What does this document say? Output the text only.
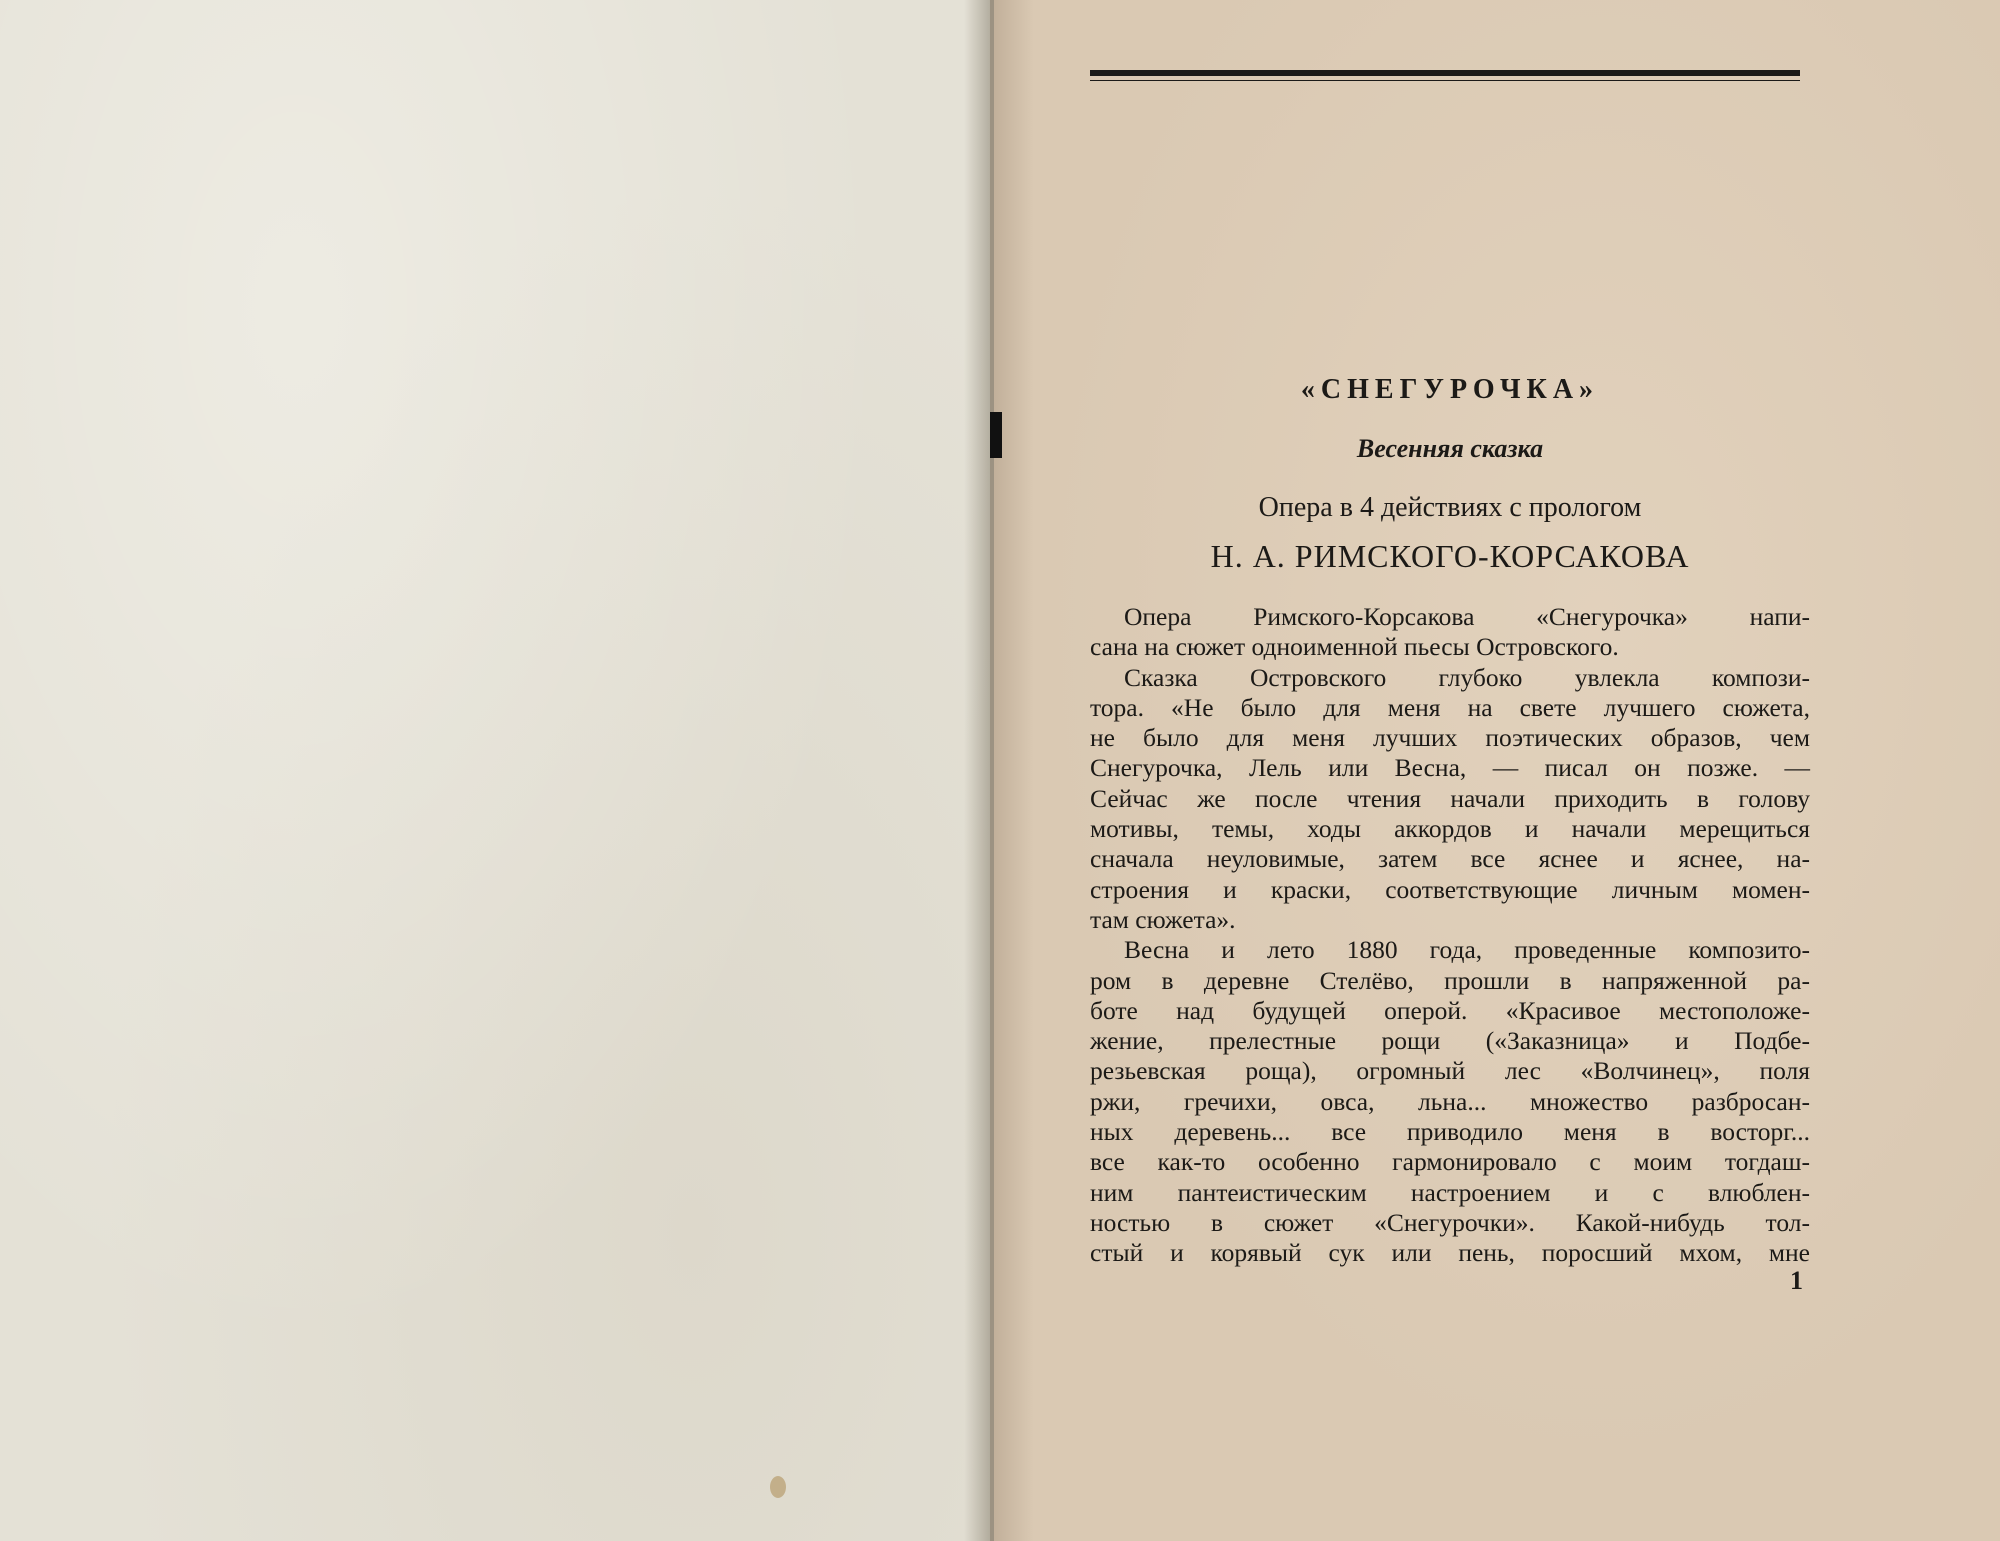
«СНЕГУРОЧКА»
Весенняя сказка
Опера в 4 действиях с прологом
Н. А. РИМСКОГО-КОРСАКОВА
Опера Римского-Корсакова «Снегурочка» напи-
сана на сюжет одноименной пьесы Островского.
Сказка Островского глубоко увлекла компози-
тора. «Не было для меня на свете лучшего сюжета,
не было для меня лучших поэтических образов, чем
Снегурочка, Лель или Весна, — писал он позже. —
Сейчас же после чтения начали приходить в голову
мотивы, темы, ходы аккордов и начали мерещиться
сначала неуловимые, затем все яснее и яснее, на-
строения и краски, соответствующие личным момен-
там сюжета».
Весна и лето 1880 года, проведенные композито-
ром в деревне Стелёво, прошли в напряженной ра-
боте над будущей оперой. «Красивое местоположе-
жение, прелестные рощи («Заказница» и Подбе-
резьевская роща), огромный лес «Волчинец», поля
ржи, гречихи, овса, льна... множество разбросан-
ных деревень... все приводило меня в восторг...
все как-то особенно гармонировало с моим тогдаш-
ним пантеистическим настроением и с влюблен-
ностью в сюжет «Снегурочки». Какой-нибудь тол-
стый и корявый сук или пень, поросший мхом, мне
1
